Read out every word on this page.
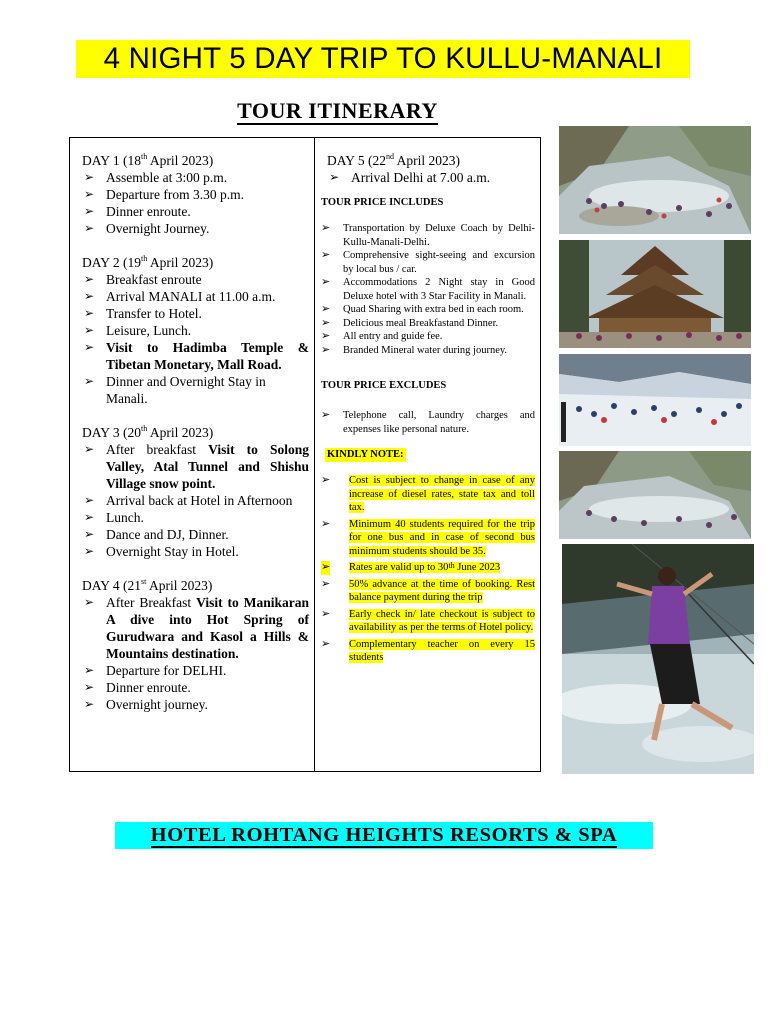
4 NIGHT 5 DAY TRIP TO KULLU-MANALI
TOUR ITINERARY
DAY 1 (18th April 2023)
➢ Assemble at 3:00 p.m.
➢ Departure from 3.30 p.m.
➢ Dinner enroute.
➢ Overnight Journey.
DAY 2 (19th April 2023)
➢ Breakfast enroute
➢ Arrival MANALI at 11.00 a.m.
➢ Transfer to Hotel.
➢ Leisure, Lunch.
➢ Visit to Hadimba Temple & Tibetan Monetary, Mall Road.
➢ Dinner and Overnight Stay in Manali.
DAY 3 (20th April 2023)
➢ After breakfast Visit to Solong Valley, Atal Tunnel and Shishu Village snow point.
➢ Arrival back at Hotel in Afternoon
➢ Lunch.
➢ Dance and DJ, Dinner.
➢ Overnight Stay in Hotel.
DAY 4 (21st April 2023)
➢ After Breakfast Visit to Manikaran A dive into Hot Spring of Gurudwara and Kasol a Hills & Mountains destination.
➢ Departure for DELHI.
➢ Dinner enroute.
➢ Overnight journey.
DAY 5 (22nd April 2023)
➢ Arrival Delhi at 7.00 a.m.
TOUR PRICE INCLUDES
➢ Transportation by Deluxe Coach by Delhi- Kullu-Manali-Delhi.
➢ Comprehensive sight-seeing and excursion by local bus / car.
➢ Accommodations 2 Night stay in Good Deluxe hotel with 3 Star Facility in Manali.
➢ Quad Sharing with extra bed in each room.
➢ Delicious meal Breakfastand Dinner.
➢ All entry and guide fee.
➢ Branded Mineral water during journey.
TOUR PRICE EXCLUDES
➢ Telephone call, Laundry charges and expenses like personal nature.
KINDLY NOTE:
➢ Cost is subject to change in case of any increase of diesel rates, state tax and toll tax.
➢ Minimum 40 students required for the trip for one bus and in case of second bus minimum students should be 35.
➢ Rates are valid up to 30th June 2023
➢ 50% advance at the time of booking. Rest balance payment during the trip
➢ Early check in/ late checkout is subject to availability as per the terms of Hotel policy.
➢ Complementary teacher on every 15 students
HOTEL ROHTANG HEIGHTS RESORTS & SPA
